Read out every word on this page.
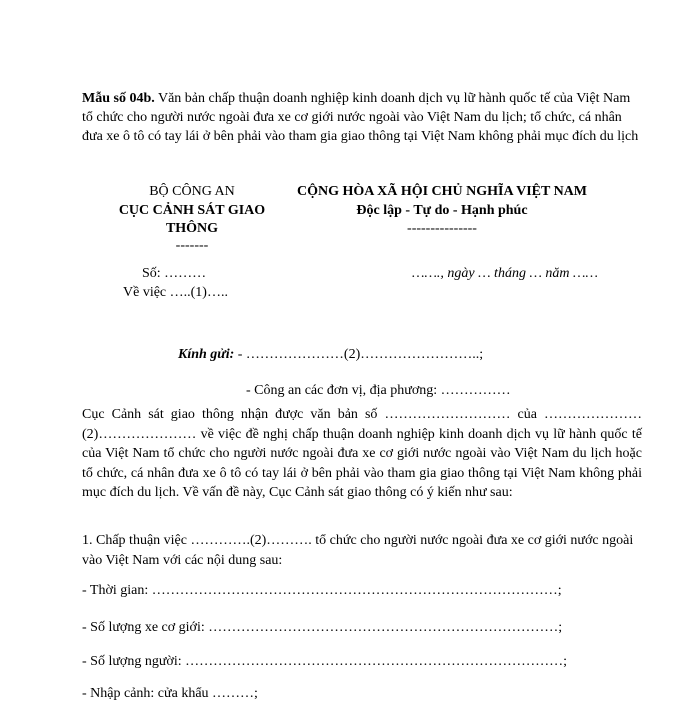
Mẫu số 04b. Văn bản chấp thuận doanh nghiệp kinh doanh dịch vụ lữ hành quốc tế của Việt Nam tổ chức cho người nước ngoài đưa xe cơ giới nước ngoài vào Việt Nam du lịch; tổ chức, cá nhân đưa xe ô tô có tay lái ở bên phải vào tham gia giao thông tại Việt Nam không phải mục đích du lịch

BỘ CÔNG AN
CỤC CẢNH SÁT GIAO
THÔNG
-------
CỘNG HÒA XÃ HỘI CHỦ NGHĨA VIỆT NAM
Độc lập - Tự do - Hạnh phúc
---------------
Số: ………
Về việc …..(1)…..
……., ngày … tháng … năm ……
Kính gửi: - …………………(2)……………………..;
- Công an các đơn vị, địa phương: ……………

Cục Cảnh sát giao thông nhận được văn bản số ……………………… của ………………… (2)………………… về việc đề nghị chấp thuận doanh nghiệp kinh doanh dịch vụ lữ hành quốc tế của Việt Nam tổ chức cho người nước ngoài đưa xe cơ giới nước ngoài vào Việt Nam du lịch hoặc tổ chức, cá nhân đưa xe ô tô có tay lái ở bên phải vào tham gia giao thông tại Việt Nam không phải mục đích du lịch. Về vấn đề này, Cục Cảnh sát giao thông có ý kiến như sau:

1. Chấp thuận việc ………….(2)………. tổ chức cho người nước ngoài đưa xe cơ giới nước ngoài vào Việt Nam với các nội dung sau:

- Thời gian: ……………………………………………………………………………;
- Số lượng xe cơ giới: …………………………………………………………………;
- Số lượng người: ………………………………………………………………………;
- Nhập cảnh: cửa khẩu ………;
